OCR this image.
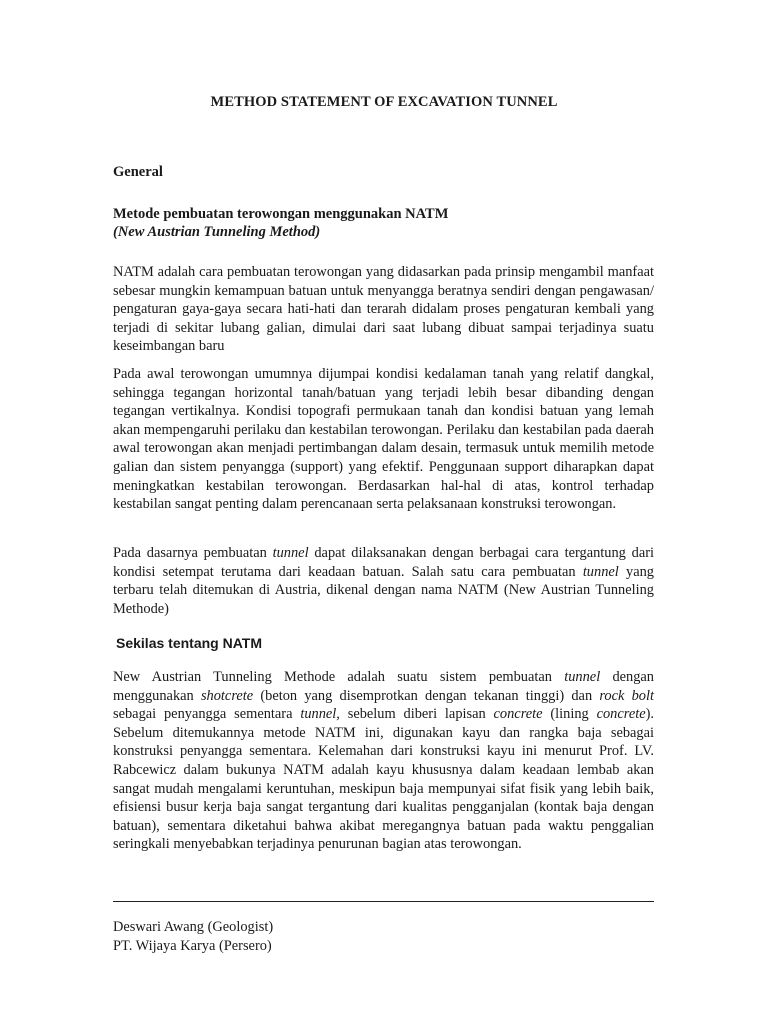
METHOD STATEMENT OF EXCAVATION TUNNEL
General
Metode pembuatan terowongan menggunakan NATM
(New Austrian Tunneling Method)

NATM adalah cara pembuatan terowongan yang didasarkan pada prinsip mengambil manfaat sebesar mungkin kemampuan batuan untuk menyangga beratnya sendiri dengan pengawasan/ pengaturan gaya-gaya secara hati-hati dan terarah didalam proses pengaturan kembali yang terjadi di sekitar lubang galian, dimulai dari saat lubang dibuat sampai terjadinya suatu keseimbangan baru

Pada awal terowongan umumnya dijumpai kondisi kedalaman tanah yang relatif dangkal, sehingga tegangan horizontal tanah/batuan yang terjadi lebih besar dibanding dengan tegangan vertikalnya. Kondisi topografi permukaan tanah dan kondisi batuan yang lemah akan mempengaruhi perilaku dan kestabilan terowongan. Perilaku dan kestabilan pada daerah awal terowongan akan menjadi pertimbangan dalam desain, termasuk untuk memilih metode galian dan sistem penyangga (support) yang efektif. Penggunaan support diharapkan dapat meningkatkan kestabilan terowongan. Berdasarkan hal-hal di atas, kontrol terhadap kestabilan sangat penting dalam perencanaan serta pelaksanaan konstruksi terowongan.

Pada dasarnya pembuatan tunnel dapat dilaksanakan dengan berbagai cara tergantung dari kondisi setempat terutama dari keadaan batuan. Salah satu cara pembuatan tunnel yang terbaru telah ditemukan di Austria, dikenal dengan nama NATM (New Austrian Tunneling Methode)

Sekilas tentang NATM

New Austrian Tunneling Methode adalah suatu sistem pembuatan tunnel dengan menggunakan shotcrete (beton yang disemprotkan dengan tekanan tinggi) dan rock bolt sebagai penyangga sementara tunnel, sebelum diberi lapisan concrete (lining concrete). Sebelum ditemukannya metode NATM ini, digunakan kayu dan rangka baja sebagai konstruksi penyangga sementara. Kelemahan dari konstruksi kayu ini menurut Prof. LV. Rabcewicz dalam bukunya NATM adalah kayu khususnya dalam keadaan lembab akan sangat mudah mengalami keruntuhan, meskipun baja mempunyai sifat fisik yang lebih baik, efisiensi busur kerja baja sangat tergantung dari kualitas pengganjalan (kontak baja dengan batuan), sementara diketahui bahwa akibat meregangnya batuan pada waktu penggalian seringkali menyebabkan terjadinya penurunan bagian atas terowongan.

Deswari Awang (Geologist)
PT. Wijaya Karya (Persero)
